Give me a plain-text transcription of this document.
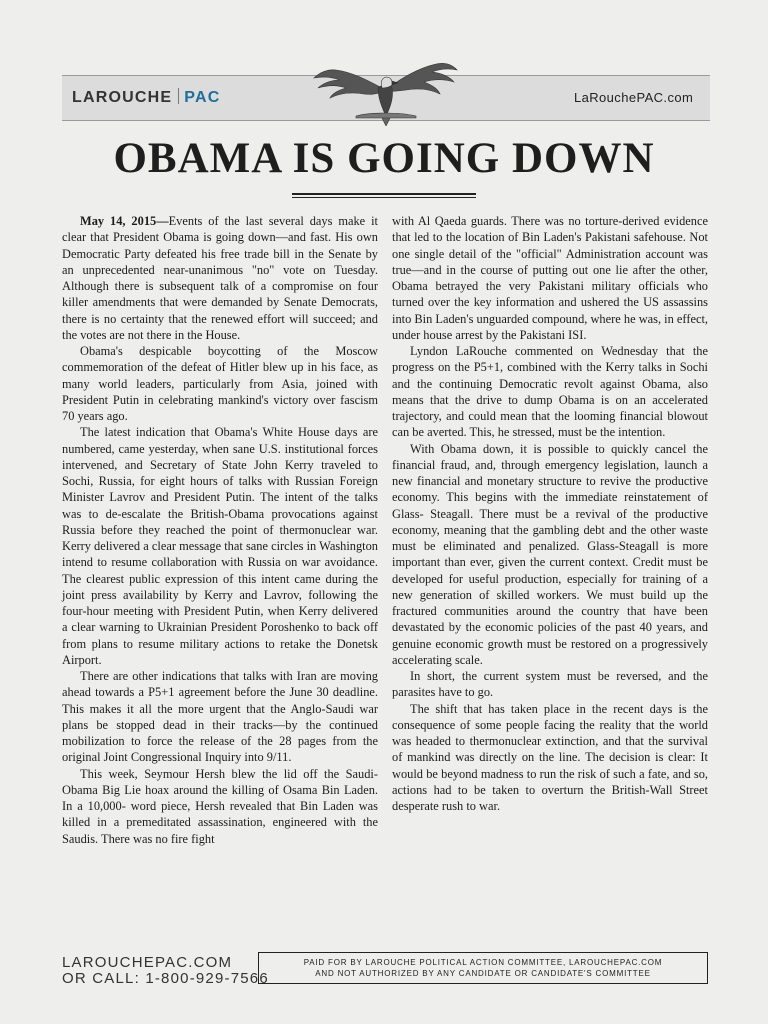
LAROUCHE PAC	LaRouchePAC.com
OBAMA IS GOING DOWN

May 14, 2015—Events of the last several days make it clear that President Obama is going down—and fast. His own Democratic Party defeated his free trade bill in the Senate by an unprecedented near-unanimous "no" vote on Tuesday. Although there is subsequent talk of a compromise on four killer amendments that were demanded by Senate Democrats, there is no certainty that the renewed effort will succeed; and the votes are not there in the House.

Obama's despicable boycotting of the Moscow commemoration of the defeat of Hitler blew up in his face, as many world leaders, particularly from Asia, joined with President Putin in celebrating mankind's victory over fascism 70 years ago.

The latest indication that Obama's White House days are numbered, came yesterday, when sane U.S. institutional forces intervened, and Secretary of State John Kerry traveled to Sochi, Russia, for eight hours of talks with Russian Foreign Minister Lavrov and President Putin. The intent of the talks was to de-escalate the British-Obama provocations against Russia before they reached the point of thermonuclear war. Kerry delivered a clear message that sane circles in Washington intend to resume collaboration with Russia on war avoidance. The clearest public expression of this intent came during the joint press availability by Kerry and Lavrov, following the four-hour meeting with President Putin, when Kerry delivered a clear warning to Ukrainian President Poroshenko to back off from plans to resume military actions to retake the Donetsk Airport.

There are other indications that talks with Iran are moving ahead towards a P5+1 agreement before the June 30 deadline. This makes it all the more urgent that the Anglo-Saudi war plans be stopped dead in their tracks—by the continued mobilization to force the release of the 28 pages from the original Joint Congressional Inquiry into 9/11.

This week, Seymour Hersh blew the lid off the Saudi-Obama Big Lie hoax around the killing of Osama Bin Laden. In a 10,000- word piece, Hersh revealed that Bin Laden was killed in a premeditated assassination, engineered with the Saudis. There was no fire fight

with Al Qaeda guards. There was no torture-derived evidence that led to the location of Bin Laden's Pakistani safehouse. Not one single detail of the "official" Administration account was true—and in the course of putting out one lie after the other, Obama betrayed the very Pakistani military officials who turned over the key information and ushered the US assassins into Bin Laden's unguarded compound, where he was, in effect, under house arrest by the Pakistani ISI.

Lyndon LaRouche commented on Wednesday that the progress on the P5+1, combined with the Kerry talks in Sochi and the continuing Democratic revolt against Obama, also means that the drive to dump Obama is on an accelerated trajectory, and could mean that the looming financial blowout can be averted. This, he stressed, must be the intention.

With Obama down, it is possible to quickly cancel the financial fraud, and, through emergency legislation, launch a new financial and monetary structure to revive the productive economy. This begins with the immediate reinstatement of Glass- Steagall. There must be a revival of the productive economy, meaning that the gambling debt and the other waste must be eliminated and penalized. Glass-Steagall is more important than ever, given the current context. Credit must be developed for useful production, especially for training of a new generation of skilled workers. We must build up the fractured communities around the country that have been devastated by the economic policies of the past 40 years, and genuine economic growth must be restored on a progressively accelerating scale.

In short, the current system must be reversed, and the parasites have to go.

The shift that has taken place in the recent days is the consequence of some people facing the reality that the world was headed to thermonuclear extinction, and that the survival of mankind was directly on the line. The decision is clear: It would be beyond madness to run the risk of such a fate, and so, actions had to be taken to overturn the British-Wall Street desperate rush to war.

LAROUCHEPAC.COM
OR CALL: 1-800-929-7566
PAID FOR BY LAROUCHE POLITICAL ACTION COMMITTEE, LAROUCHEPAC.COM
AND NOT AUTHORIZED BY ANY CANDIDATE OR CANDIDATE'S COMMITTEE
